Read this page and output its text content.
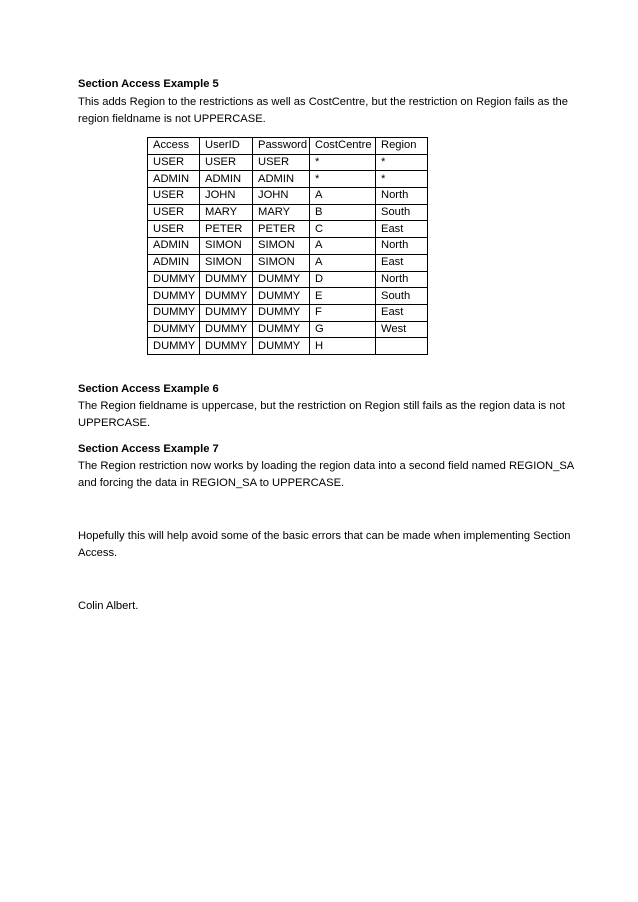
Section Access Example 5
This adds Region to the restrictions as well as CostCentre, but the restriction on Region fails as the
region fieldname is not UPPERCASE.
Access	UserID	Password	CostCentre	Region
USER	USER	USER	*	*
ADMIN	ADMIN	ADMIN	*	*
USER	JOHN	JOHN	A	North
USER	MARY	MARY	B	South
USER	PETER	PETER	C	East
ADMIN	SIMON	SIMON	A	North
ADMIN	SIMON	SIMON	A	East
DUMMY	DUMMY	DUMMY	D	North
DUMMY	DUMMY	DUMMY	E	South
DUMMY	DUMMY	DUMMY	F	East
DUMMY	DUMMY	DUMMY	G	West
DUMMY	DUMMY	DUMMY	H	
Section Access Example 6
The Region fieldname is uppercase, but the restriction on Region still fails as the region data is not
UPPERCASE.
Section Access Example 7
The Region restriction now works by loading the region data into a second field named REGION_SA
and forcing the data in REGION_SA to UPPERCASE.
Hopefully this will help avoid some of the basic errors that can be made when implementing Section
Access.
Colin Albert.
